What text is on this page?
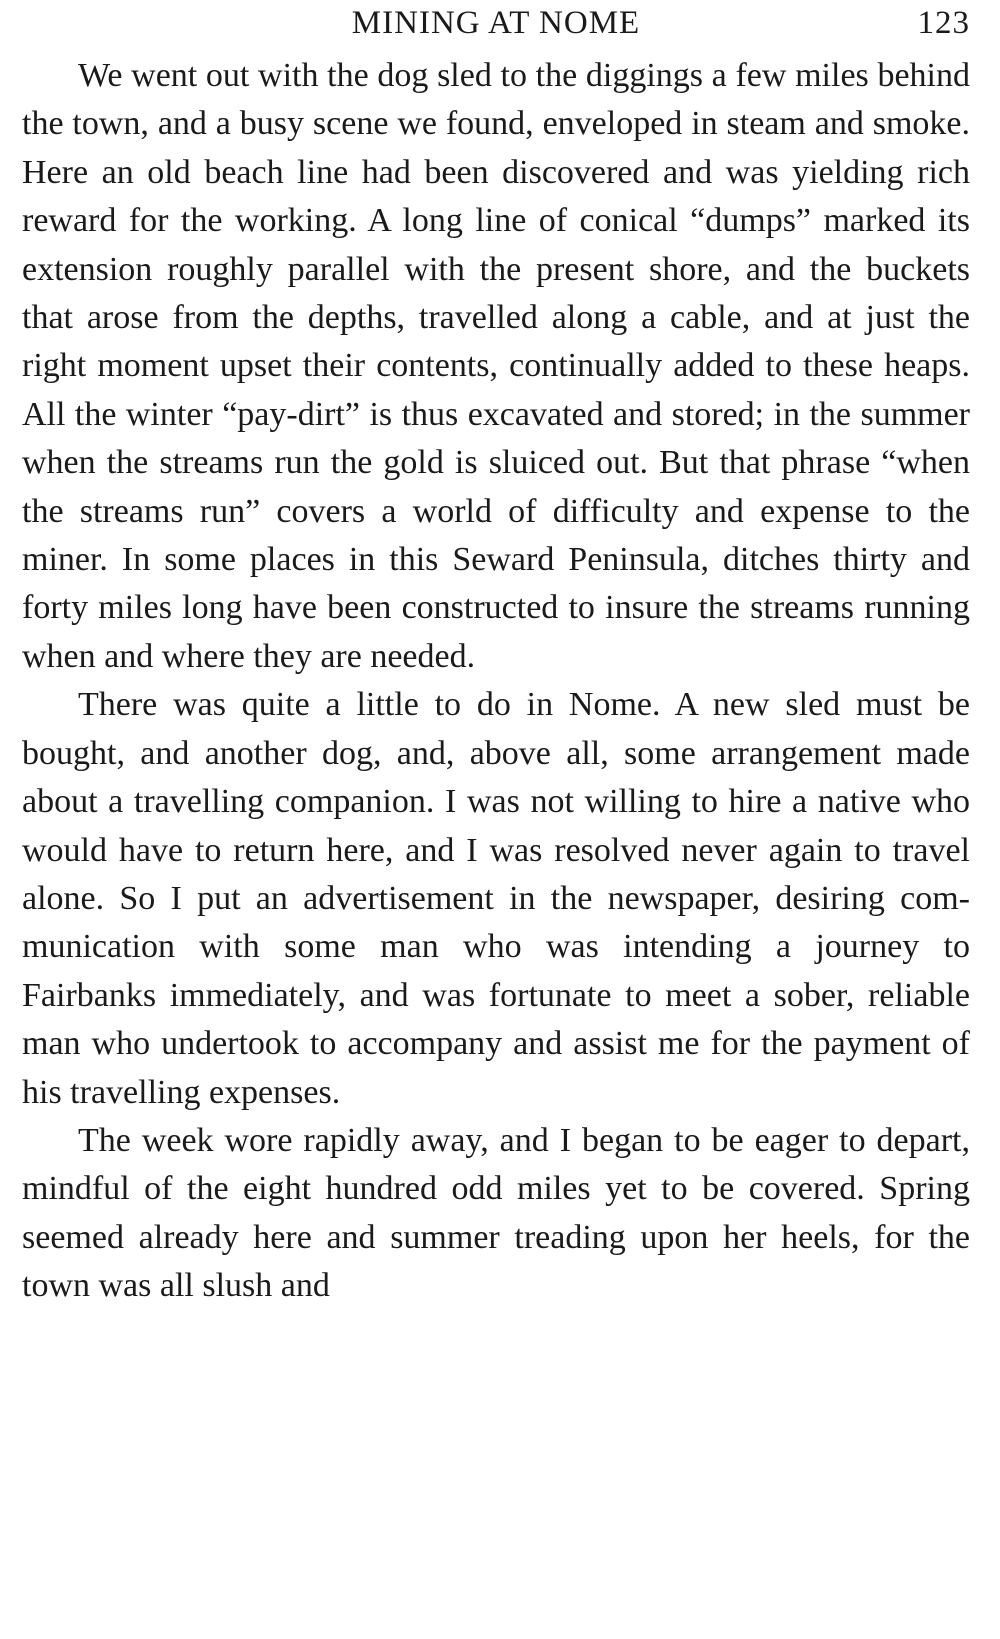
MINING AT NOME	123

We went out with the dog sled to the diggings a few miles behind the town, and a busy scene we found, enveloped in steam and smoke. Here an old beach line had been discovered and was yielding rich reward for the working. A long line of conical “dumps” marked its extension roughly parallel with the present shore, and the buckets that arose from the depths, travelled along a cable, and at just the right moment upset their contents, continually added to these heaps. All the winter “pay-dirt” is thus excavated and stored; in the summer when the streams run the gold is sluiced out. But that phrase “when the streams run” covers a world of difficulty and expense to the miner. In some places in this Seward Peninsula, ditches thirty and forty miles long have been constructed to insure the streams running when and where they are needed.

There was quite a little to do in Nome. A new sled must be bought, and another dog, and, above all, some arrangement made about a travelling companion. I was not willing to hire a native who would have to return here, and I was resolved never again to travel alone. So I put an advertisement in the newspaper, desiring communication with some man who was intending a journey to Fairbanks immediately, and was fortunate to meet a sober, reliable man who undertook to accompany and assist me for the payment of his travelling expenses.

The week wore rapidly away, and I began to be eager to depart, mindful of the eight hundred odd miles yet to be covered. Spring seemed already here and summer treading upon her heels, for the town was all slush and
